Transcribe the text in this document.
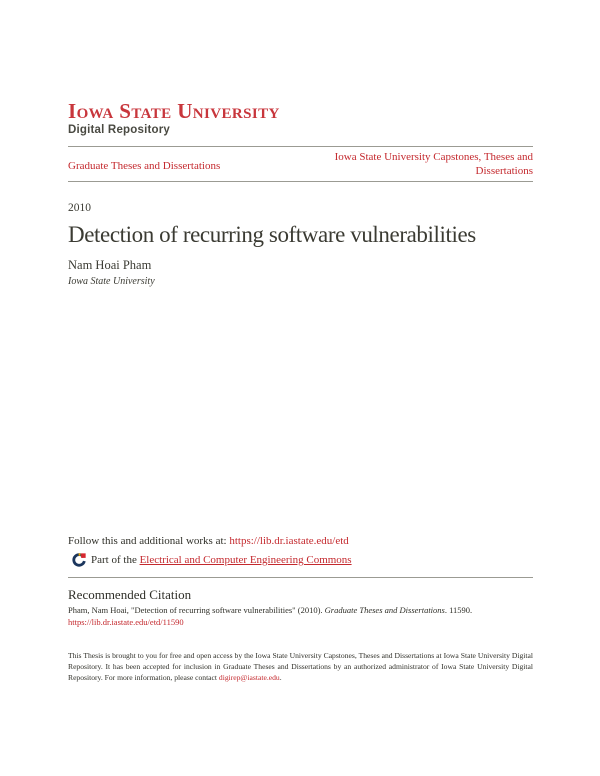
Iowa State University
Digital Repository
Graduate Theses and Dissertations
Iowa State University Capstones, Theses and Dissertations
2010
Detection of recurring software vulnerabilities
Nam Hoai Pham
Iowa State University
Follow this and additional works at: https://lib.dr.iastate.edu/etd
Part of the
Electrical and Computer Engineering Commons
Recommended Citation
Pham, Nam Hoai, "Detection of recurring software vulnerabilities" (2010). Graduate Theses and Dissertations. 11590.
https://lib.dr.iastate.edu/etd/11590
This Thesis is brought to you for free and open access by the Iowa State University Capstones, Theses and Dissertations at Iowa State University Digital Repository. It has been accepted for inclusion in Graduate Theses and Dissertations by an authorized administrator of Iowa State University Digital Repository. For more information, please contact digirep@iastate.edu.
